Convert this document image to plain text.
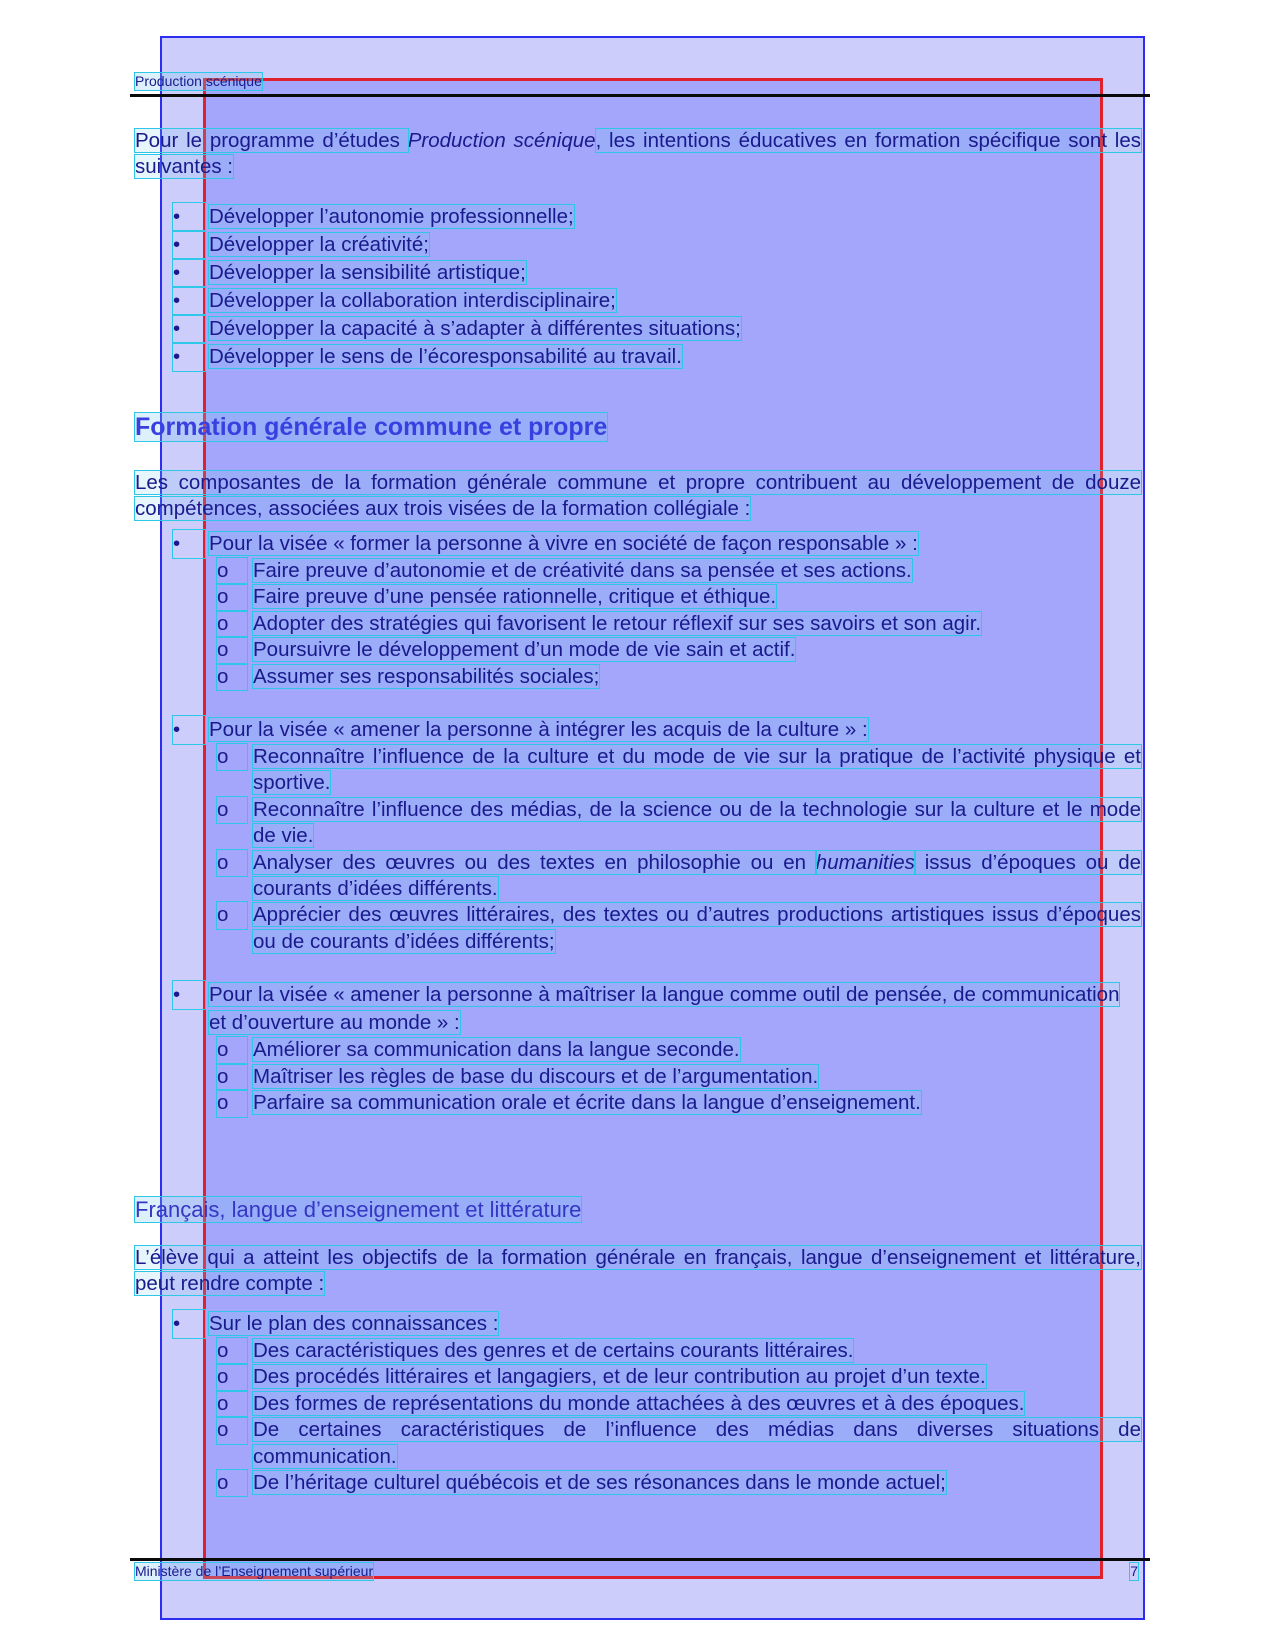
Production scénique

Pour le programme d’études Production scénique, les intentions éducatives en formation spécifique sont les suivantes :

•	Développer l’autonomie professionnelle;
•	Développer la créativité;
•	Développer la sensibilité artistique;
•	Développer la collaboration interdisciplinaire;
•	Développer la capacité à s’adapter à différentes situations;
•	Développer le sens de l’écoresponsabilité au travail.
Formation générale commune et propre

Les composantes de la formation générale commune et propre contribuent au développement de douze compétences, associées aux trois visées de la formation collégiale :

•	Pour la visée « former la personne à vivre en société de façon responsable » :
o	Faire preuve d’autonomie et de créativité dans sa pensée et ses actions.
o	Faire preuve d’une pensée rationnelle, critique et éthique.
o	Adopter des stratégies qui favorisent le retour réflexif sur ses savoirs et son agir.
o	Poursuivre le développement d’un mode de vie sain et actif.
o	Assumer ses responsabilités sociales;
•	Pour la visée « amener la personne à intégrer les acquis de la culture » :
o	Reconnaître l’influence de la culture et du mode de vie sur la pratique de l’activité physique et sportive.
o	Reconnaître l’influence des médias, de la science ou de la technologie sur la culture et le mode de vie.
o	Analyser des œuvres ou des textes en philosophie ou en humanities issus d’époques ou de courants d’idées différents.
o	Apprécier des œuvres littéraires, des textes ou d’autres productions artistiques issus d’époques ou de courants d’idées différents;
•	Pour la visée « amener la personne à maîtriser la langue comme outil de pensée, de communication et d’ouverture au monde » :
o	Améliorer sa communication dans la langue seconde.
o	Maîtriser les règles de base du discours et de l’argumentation.
o	Parfaire sa communication orale et écrite dans la langue d’enseignement.
Français, langue d’enseignement et littérature

L’élève qui a atteint les objectifs de la formation générale en français, langue d’enseignement et littérature, peut rendre compte :

•	Sur le plan des connaissances :
o	Des caractéristiques des genres et de certains courants littéraires.
o	Des procédés littéraires et langagiers, et de leur contribution au projet d’un texte.
o	Des formes de représentations du monde attachées à des œuvres et à des époques.
o	De certaines caractéristiques de l’influence des médias dans diverses situations de communication.
o	De l’héritage culturel québécois et de ses résonances dans le monde actuel;
Ministère de l’Enseignement supérieur	7
